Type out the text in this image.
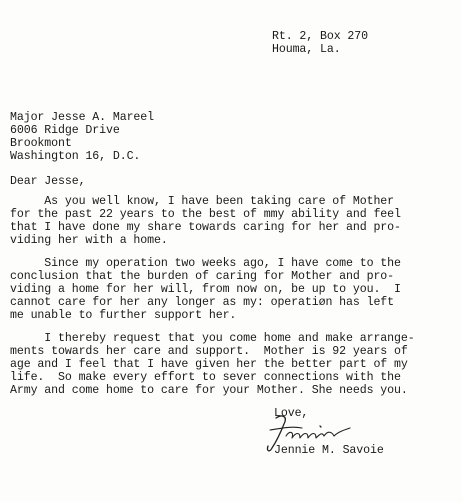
Rt. 2, Box 270
Houma, La.
Major Jesse A. Mareel
6006 Ridge Drive
Brookmont
Washington 16, D.C.
Dear Jesse,
As you well know, I have been taking care of Mother
for the past 22 years to the best of mmy ability and feel
that I have done my share towards caring for her and pro-
viding her with a home.
Since my operation two weeks ago, I have come to the
conclusion that the burden of caring for Mother and pro-
viding a home for her will, from now on, be up to you.  I
cannot care for her any longer as my: operatiøn has left
me unable to further support her.
I thereby request that you come home and make arrange-
ments towards her care and support.  Mother is 92 years of
age and I feel that I have given her the better part of my
life.  So make every effort to sever connections with the
Army and come home to care for your Mother. She needs you.
Love,
Jennie M. Savoie
